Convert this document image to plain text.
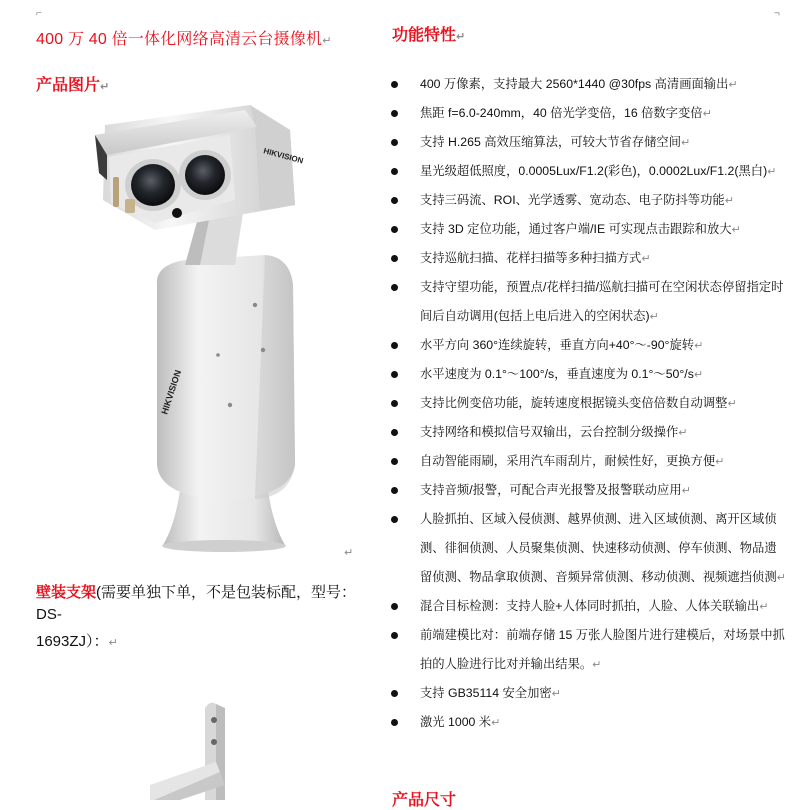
⌐	¬
400 万 40 倍一体化网络高清云台摄像机↵
产品图片↵
HIKVISION
HIKVISION
壁装支架(需要单独下单，不是包装标配，型号：DS-
1693ZJ）：↵
↵
功能特性↵
400 万像素，支持最大 2560*1440 @30fps 高清画面输出↵
焦距 f=6.0-240mm，40 倍光学变倍，16 倍数字变倍↵
支持 H.265 高效压缩算法，可较大节省存储空间↵
星光级超低照度，0.0005Lux/F1.2(彩色)，0.0002Lux/F1.2(黑白)↵
支持三码流、ROI、光学透雾、宽动态、电子防抖等功能↵
支持 3D 定位功能，通过客户端/IE 可实现点击跟踪和放大↵
支持巡航扫描、花样扫描等多种扫描方式↵
支持守望功能，预置点/花样扫描/巡航扫描可在空闲状态停留指定时间后自动调用(包括上电后进入的空闲状态)↵
水平方向 360°连续旋转，垂直方向+40°～-90°旋转↵
水平速度为 0.1°～100°/s，垂直速度为 0.1°～50°/s↵
支持比例变倍功能，旋转速度根据镜头变倍倍数自动调整↵
支持网络和模拟信号双输出，云台控制分级操作↵
自动智能雨刷，采用汽车雨刮片，耐候性好，更换方便↵
支持音频/报警，可配合声光报警及报警联动应用↵
人脸抓拍、区域入侵侦测、越界侦测、进入区域侦测、离开区域侦测、徘徊侦测、人员聚集侦测、快速移动侦测、停车侦测、物品遗留侦测、物品拿取侦测、音频异常侦测、移动侦测、视频遮挡侦测↵
混合目标检测：支持人脸+人体同时抓拍，人脸、人体关联输出↵
前端建模比对：前端存储 15 万张人脸图片进行建模后，对场景中抓拍的人脸进行比对并输出结果。↵
支持 GB35114 安全加密↵
激光 1000 米↵
产品尺寸
